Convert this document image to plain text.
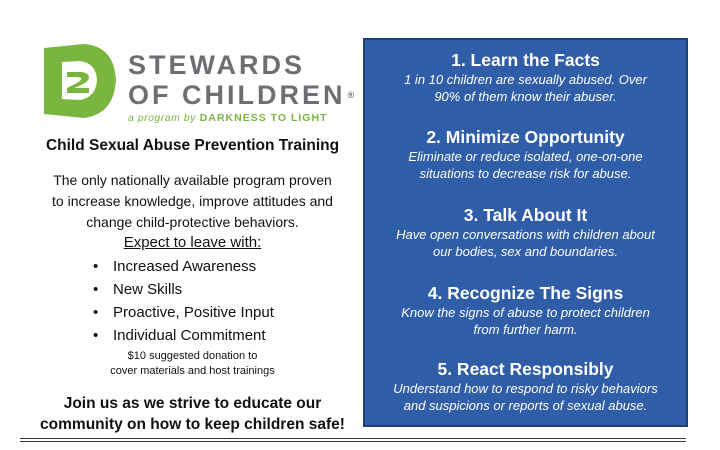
STEWARDS
OF CHILDREN ®
a program by DARKNESS TO LIGHT
Child Sexual Abuse Prevention Training
The only nationally available program proven
to increase knowledge, improve attitudes and
change child-protective behaviors.
Expect to leave with:
• Increased Awareness
• New Skills
• Proactive, Positive Input
• Individual Commitment
$10 suggested donation to
cover materials and host trainings
Join us as we strive to educate our
community on how to keep children safe!
1. Learn the Facts
1 in 10 children are sexually abused. Over
90% of them know their abuser.
2. Minimize Opportunity
Eliminate or reduce isolated, one-on-one
situations to decrease risk for abuse.
3. Talk About It
Have open conversations with children about
our bodies, sex and boundaries.
4. Recognize The Signs
Know the signs of abuse to protect children
from further harm.
5. React Responsibly
Understand how to respond to risky behaviors
and suspicions or reports of sexual abuse.
